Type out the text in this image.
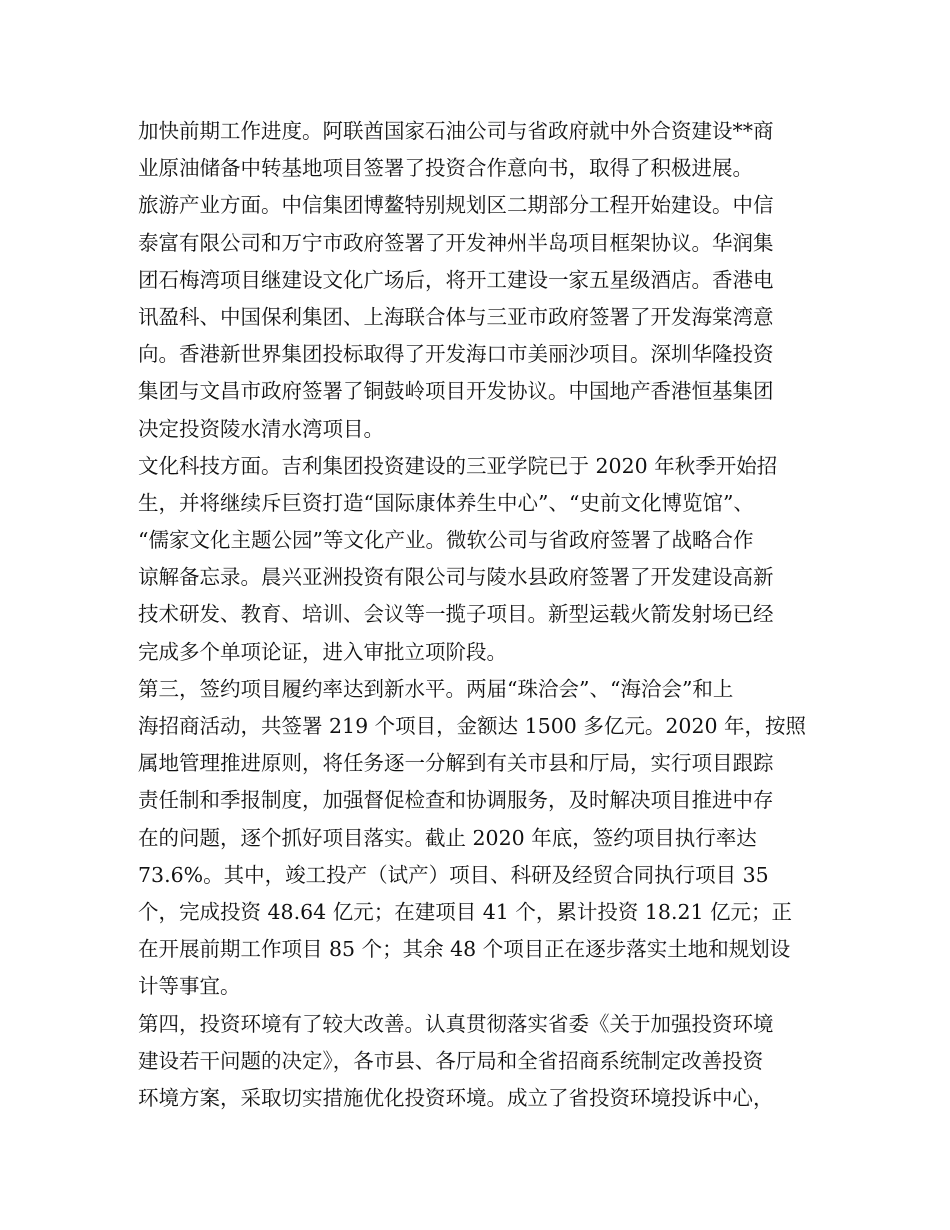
加快前期工作进度。阿联酋国家石油公司与省政府就中外合资建设**商
业原油储备中转基地项目签署了投资合作意向书，取得了积极进展。
旅游产业方面。中信集团博鳌特别规划区二期部分工程开始建设。中信
泰富有限公司和万宁市政府签署了开发神州半岛项目框架协议。华润集
团石梅湾项目继建设文化广场后，将开工建设一家五星级酒店。香港电
讯盈科、中国保利集团、上海联合体与三亚市政府签署了开发海棠湾意
向。香港新世界集团投标取得了开发海口市美丽沙项目。深圳华隆投资
集团与文昌市政府签署了铜鼓岭项目开发协议。中国地产香港恒基集团
决定投资陵水清水湾项目。
文化科技方面。吉利集团投资建设的三亚学院已于 2020 年秋季开始招
生，并将继续斥巨资打造“国际康体养生中心”、“史前文化博览馆”、
“儒家文化主题公园”等文化产业。微软公司与省政府签署了战略合作
谅解备忘录。晨兴亚洲投资有限公司与陵水县政府签署了开发建设高新
技术研发、教育、培训、会议等一揽子项目。新型运载火箭发射场已经
完成多个单项论证，进入审批立项阶段。
第三，签约项目履约率达到新水平。两届“珠洽会”、“海洽会”和上
海招商活动，共签署 219 个项目，金额达 1500 多亿元。2020 年，按照
属地管理推进原则，将任务逐一分解到有关市县和厅局，实行项目跟踪
责任制和季报制度，加强督促检查和协调服务，及时解决项目推进中存
在的问题，逐个抓好项目落实。截止 2020 年底，签约项目执行率达
73.6%。其中，竣工投产（试产）项目、科研及经贸合同执行项目 35
个，完成投资 48.64 亿元；在建项目 41 个，累计投资 18.21 亿元；正
在开展前期工作项目 85 个；其余 48 个项目正在逐步落实土地和规划设
计等事宜。
第四，投资环境有了较大改善。认真贯彻落实省委《关于加强投资环境
建设若干问题的决定》，各市县、各厅局和全省招商系统制定改善投资
环境方案，采取切实措施优化投资环境。成立了省投资环境投诉中心，
